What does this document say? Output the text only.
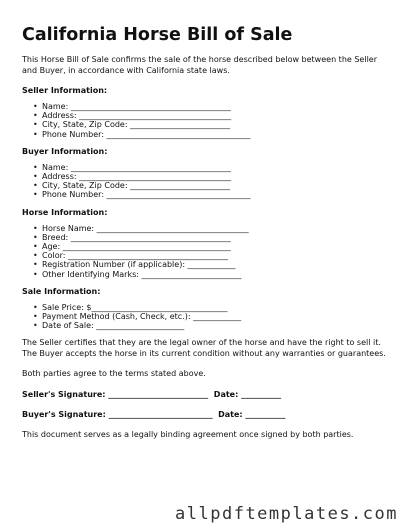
California Horse Bill of Sale

This Horse Bill of Sale confirms the sale of the horse described below between the Seller and Buyer, in accordance with California state laws.

Seller Information:
• Name: ________________________________________
• Address: ______________________________________
• City, State, Zip Code: _________________________
• Phone Number: ____________________________________
Buyer Information:
• Name: ________________________________________
• Address: ______________________________________
• City, State, Zip Code: _________________________
• Phone Number: ____________________________________
Horse Information:
• Horse Name: ______________________________________
• Breed: ________________________________________
• Age: __________________________________________
• Color: ________________________________________
• Registration Number (if applicable): ____________
• Other Identifying Marks: _________________________
Sale Information:
• Sale Price: $__________________________________
• Payment Method (Cash, Check, etc.): ____________
• Date of Sale: ______________________

The Seller certifies that they are the legal owner of the horse and have the right to sell it. The Buyer accepts the horse in its current condition without any warranties or guarantees.

Both parties agree to the terms stated above.

Seller's Signature: _________________________  Date: __________
Buyer's Signature: __________________________  Date: __________

This document serves as a legally binding agreement once signed by both parties.

allpdftemplates.com
